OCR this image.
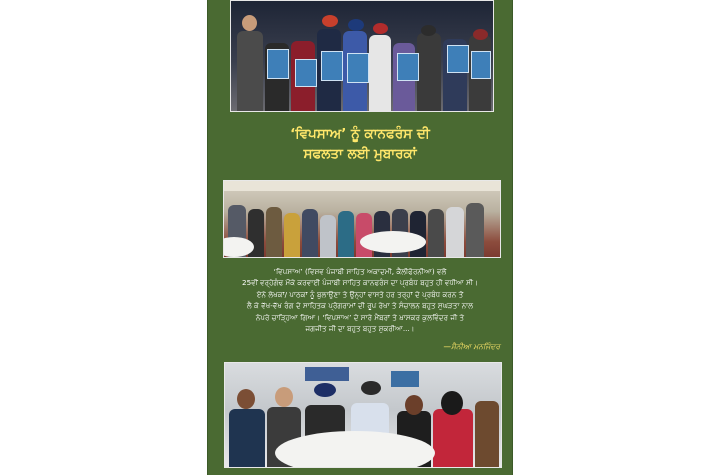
‘ਵਿਪਸਾਅ’ ਨੂੰ ਕਾਨਫਰੰਸ ਦੀ
ਸਫਲਤਾ ਲਈ ਮੁਬਾਰਕਾਂ
‘ਵਿਪਸਾਅ’ (ਵਿਸ਼ਵ ਪੰਜਾਬੀ ਸਾਹਿਤ ਅਕਾਦਮੀ, ਕੈਲੀਫੋਰਨੀਆ) ਵਲੋਂ
25ਵੀਂ ਵਰ੍ਹੇਗੰਢ ਮੌਕੇ ਕਰਵਾਈ ਪੰਜਾਬੀ ਸਾਹਿਤ ਕਾਨਫਰੰਸ ਦਾ ਪ੍ਰਬੰਧ ਬਹੁਤ ਹੀ ਵਧੀਆ ਸੀ।
ਏਨੇ ਲੇਖਕਾਂ/ ਪਾਠਕਾਂ ਨੂੰ ਬੁਲਾਉਣਾ ਤੇ ਉਨ੍ਹਾਂ ਵਾਸਤੇ ਹਰ ਤਰ੍ਹਾਂ ਦੇ ਪ੍ਰਬੰਧ ਕਰਨ ਤੋਂ
ਲੈ ਕੇ ਵੱਖ-ਵੱਖ ਰੰਗ ਦੇ ਸਾਹਿਤਕ ਪ੍ਰੋਗਰਾਮਾਂ ਦੀ ਰੂਪ ਰੇਖਾ ਤੇ ਸੰਚਾਲਨ ਬਹੁਤ ਸੁਘੜਤਾ ਨਾਲ
ਨੇਪਰੇ ਚਾੜ੍ਹਿਆ ਗਿਆ। ‘ਵਿਪਸਾਅ’ ਦੇ ਸਾਰੇ ਮੈਂਬਰਾਂ ਤੇ ਖ਼ਾਸਕਰ ਕੁਲਵਿੰਦਰ ਜੀ ਤੇ
ਜਗਜੀਤ ਜੀ ਦਾ ਬਹੁਤ ਬਹੁਤ ਸ਼ੁਕਰੀਆ...।
—ਸੈਨੀਆ ਮਨਜਿੰਦਰ
